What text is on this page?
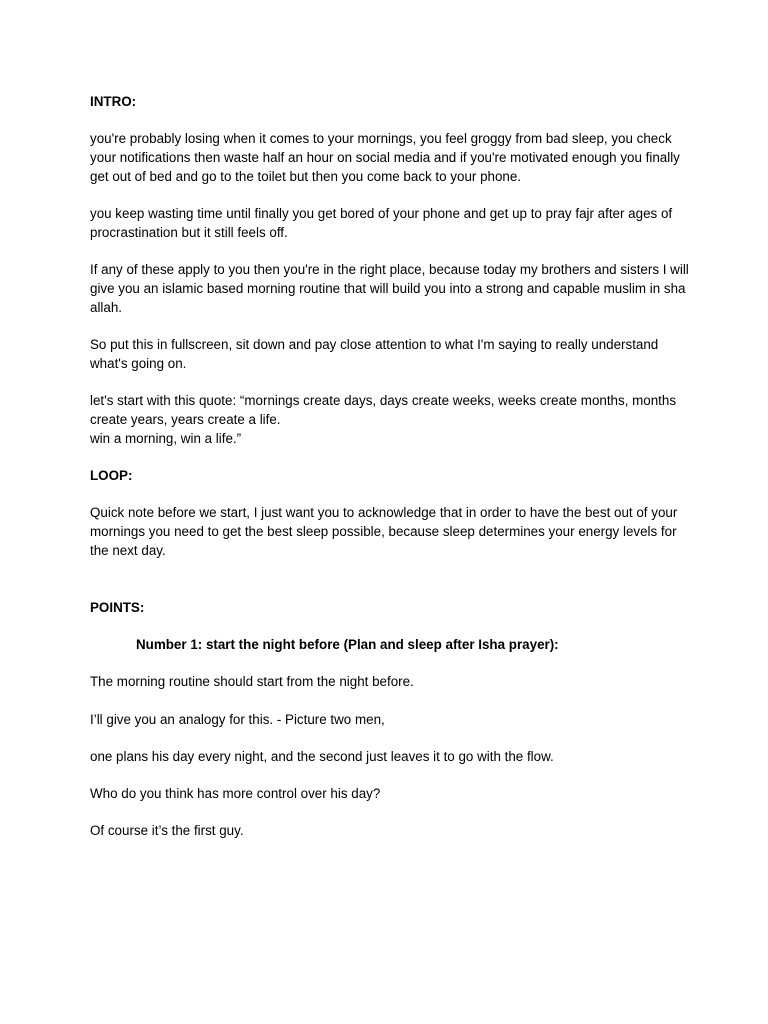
INTRO:

you're probably losing when it comes to your mornings, you feel groggy from bad sleep, you check your notifications then waste half an hour on social media and if you're motivated enough you finally get out of bed and go to the toilet but then you come back to your phone.

you keep wasting time until finally you get bored of your phone and get up to pray fajr after ages of procrastination but it still feels off.

If any of these apply to you then you're in the right place, because today my brothers and sisters I will give you an islamic based morning routine that will build you into a strong and capable muslim in sha allah.

So put this in fullscreen, sit down and pay close attention to what I'm saying to really understand what's going on.

let's start with this quote: “mornings create days, days create weeks, weeks create months, months create years, years create a life.
win a morning, win a life.”

LOOP:

Quick note before we start, I just want you to acknowledge that in order to have the best out of your mornings you need to get the best sleep possible, because sleep determines your energy levels for the next day.

POINTS:

Number 1: start the night before (Plan and sleep after Isha prayer):

The morning routine should start from the night before.

I’ll give you an analogy for this. - Picture two men,

one plans his day every night, and the second just leaves it to go with the flow.

Who do you think has more control over his day?

Of course it’s the first guy.
